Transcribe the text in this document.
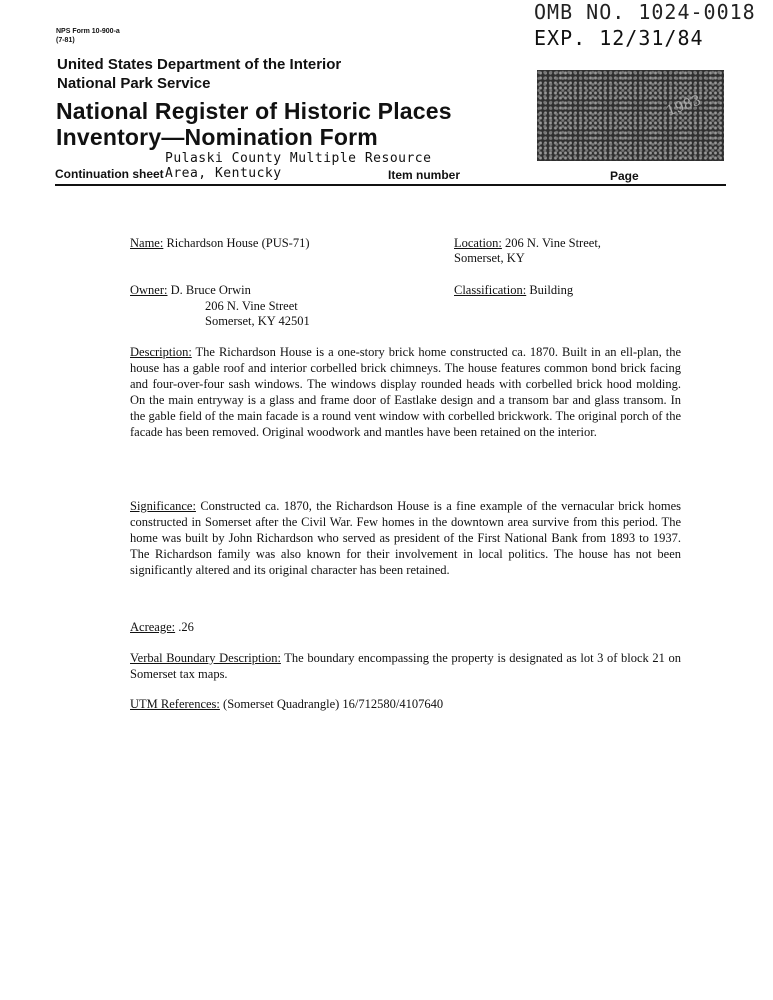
NPS Form 10-900-a
(7-81)
OMB NO. 1024-0018
EXP. 12/31/84
1983
United States Department of the Interior
National Park Service
National Register of Historic Places
Inventory—Nomination Form
Pulaski County Multiple Resource
Continuation sheet Area, Kentucky	Item number	Page
Name: Richardson House (PUS-71)	Location: 206 N. Vine Street,
Somerset, KY
Owner: D. Bruce Orwin
206 N. Vine Street
Somerset, KY 42501
Classification: Building
Description: The Richardson House is a one-story brick home constructed ca. 1870. Built in an ell-plan, the house has a gable roof and interior corbelled brick chimneys. The house features common bond brick facing and four-over-four sash windows. The windows display rounded heads with corbelled brick hood molding. On the main entryway is a glass and frame door of Eastlake design and a transom bar and glass transom. In the gable field of the main facade is a round vent window with corbelled brickwork. The original porch of the facade has been removed. Original woodwork and mantles have been retained on the interior.
Significance: Constructed ca. 1870, the Richardson House is a fine example of the vernacular brick homes constructed in Somerset after the Civil War. Few homes in the downtown area survive from this period. The home was built by John Richardson who served as president of the First National Bank from 1893 to 1937. The Richardson family was also known for their involvement in local politics. The house has not been significantly altered and its original character has been retained.
Acreage: .26
Verbal Boundary Description: The boundary encompassing the property is designated as lot 3 of block 21 on Somerset tax maps.
UTM References: (Somerset Quadrangle) 16/712580/4107640
